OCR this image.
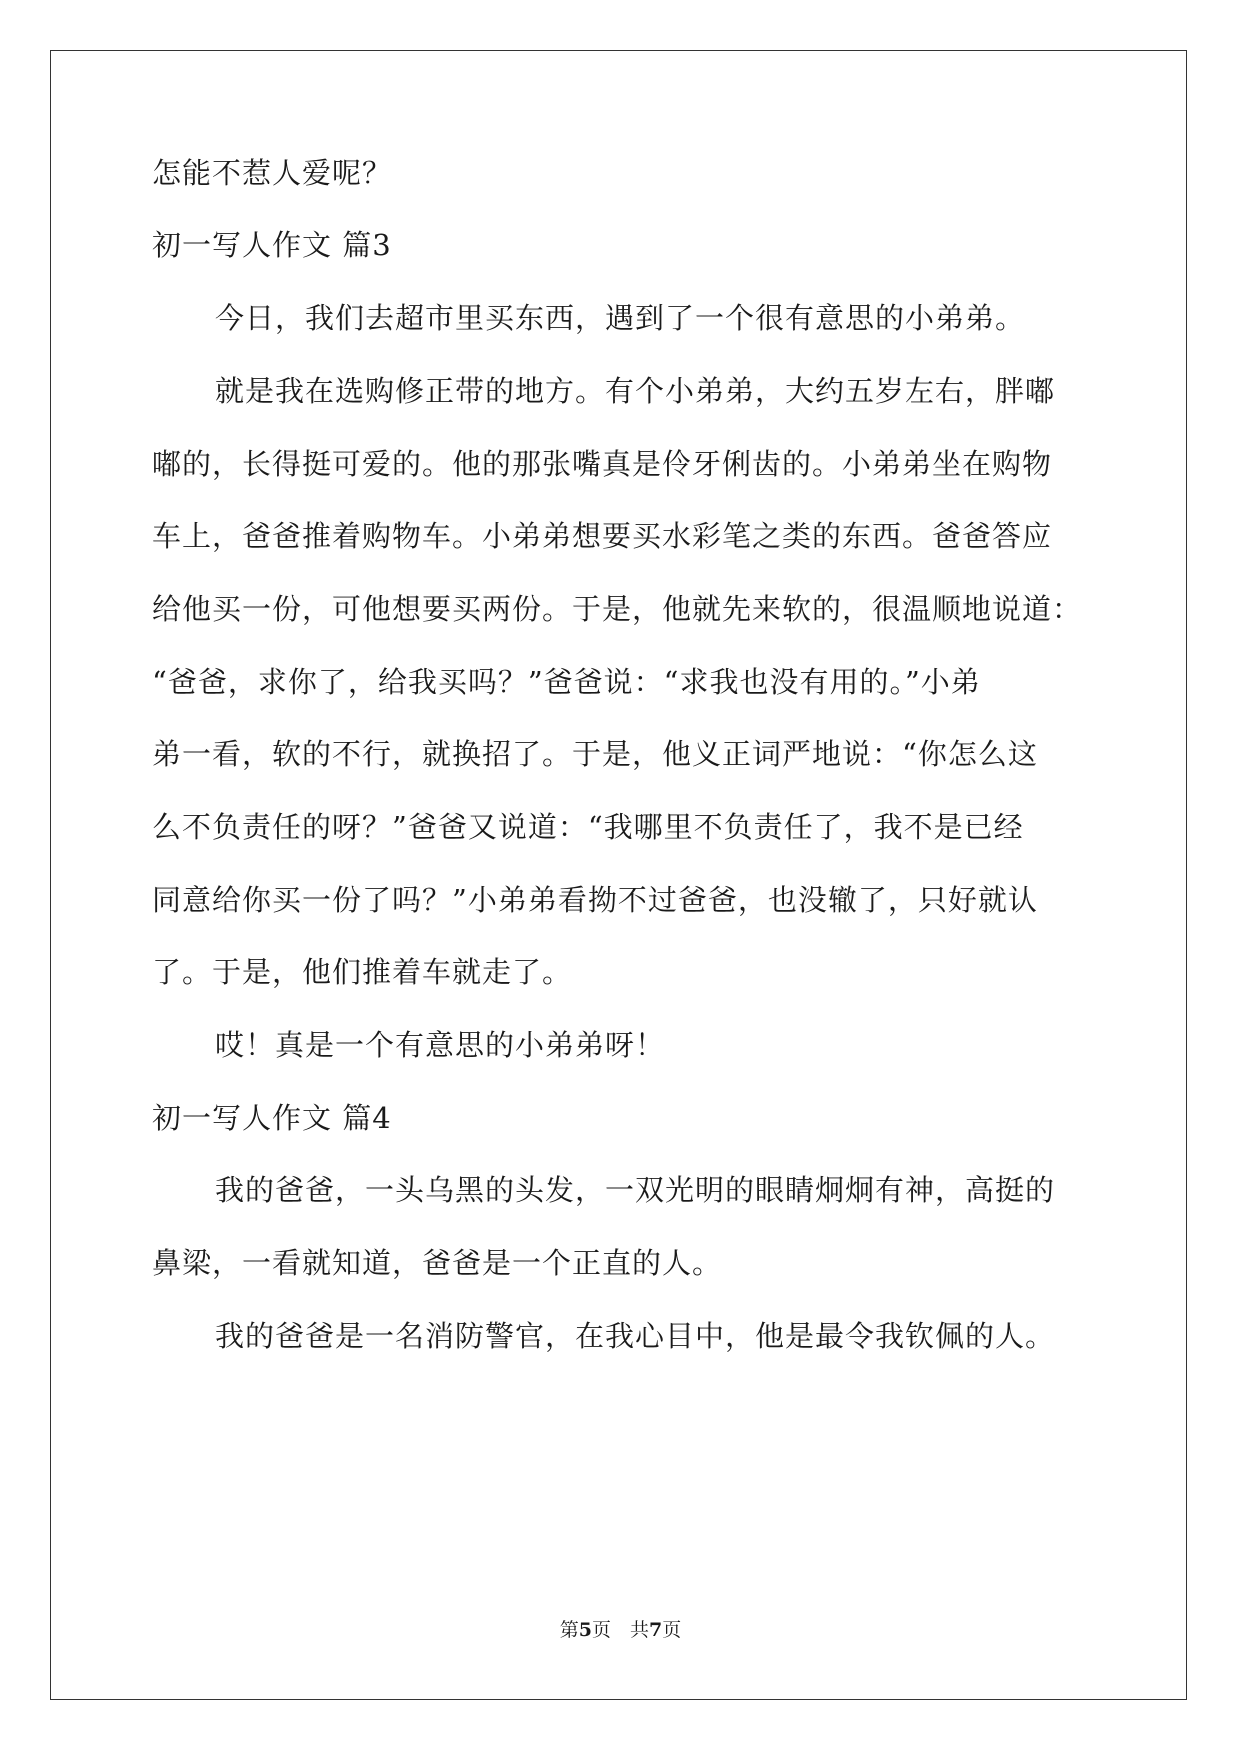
怎能不惹人爱呢？
初一写人作文 篇3
今日，我们去超市里买东西，遇到了一个很有意思的小弟弟。
就是我在选购修正带的地方。有个小弟弟，大约五岁左右，胖嘟
嘟的，长得挺可爱的。他的那张嘴真是伶牙俐齿的。小弟弟坐在购物
车上，爸爸推着购物车。小弟弟想要买水彩笔之类的东西。爸爸答应
给他买一份，可他想要买两份。于是，他就先来软的，很温顺地说道：
“爸爸，求你了，给我买吗？”爸爸说：“求我也没有用的。”小弟
弟一看，软的不行，就换招了。于是，他义正词严地说：“你怎么这
么不负责任的呀？”爸爸又说道：“我哪里不负责任了，我不是已经
同意给你买一份了吗？”小弟弟看拗不过爸爸，也没辙了，只好就认
了。于是，他们推着车就走了。
哎！真是一个有意思的小弟弟呀！
初一写人作文 篇4
我的爸爸，一头乌黑的头发，一双光明的眼睛炯炯有神，高挺的
鼻梁，一看就知道，爸爸是一个正直的人。
我的爸爸是一名消防警官，在我心目中，他是最令我钦佩的人。
第5页　共7页
